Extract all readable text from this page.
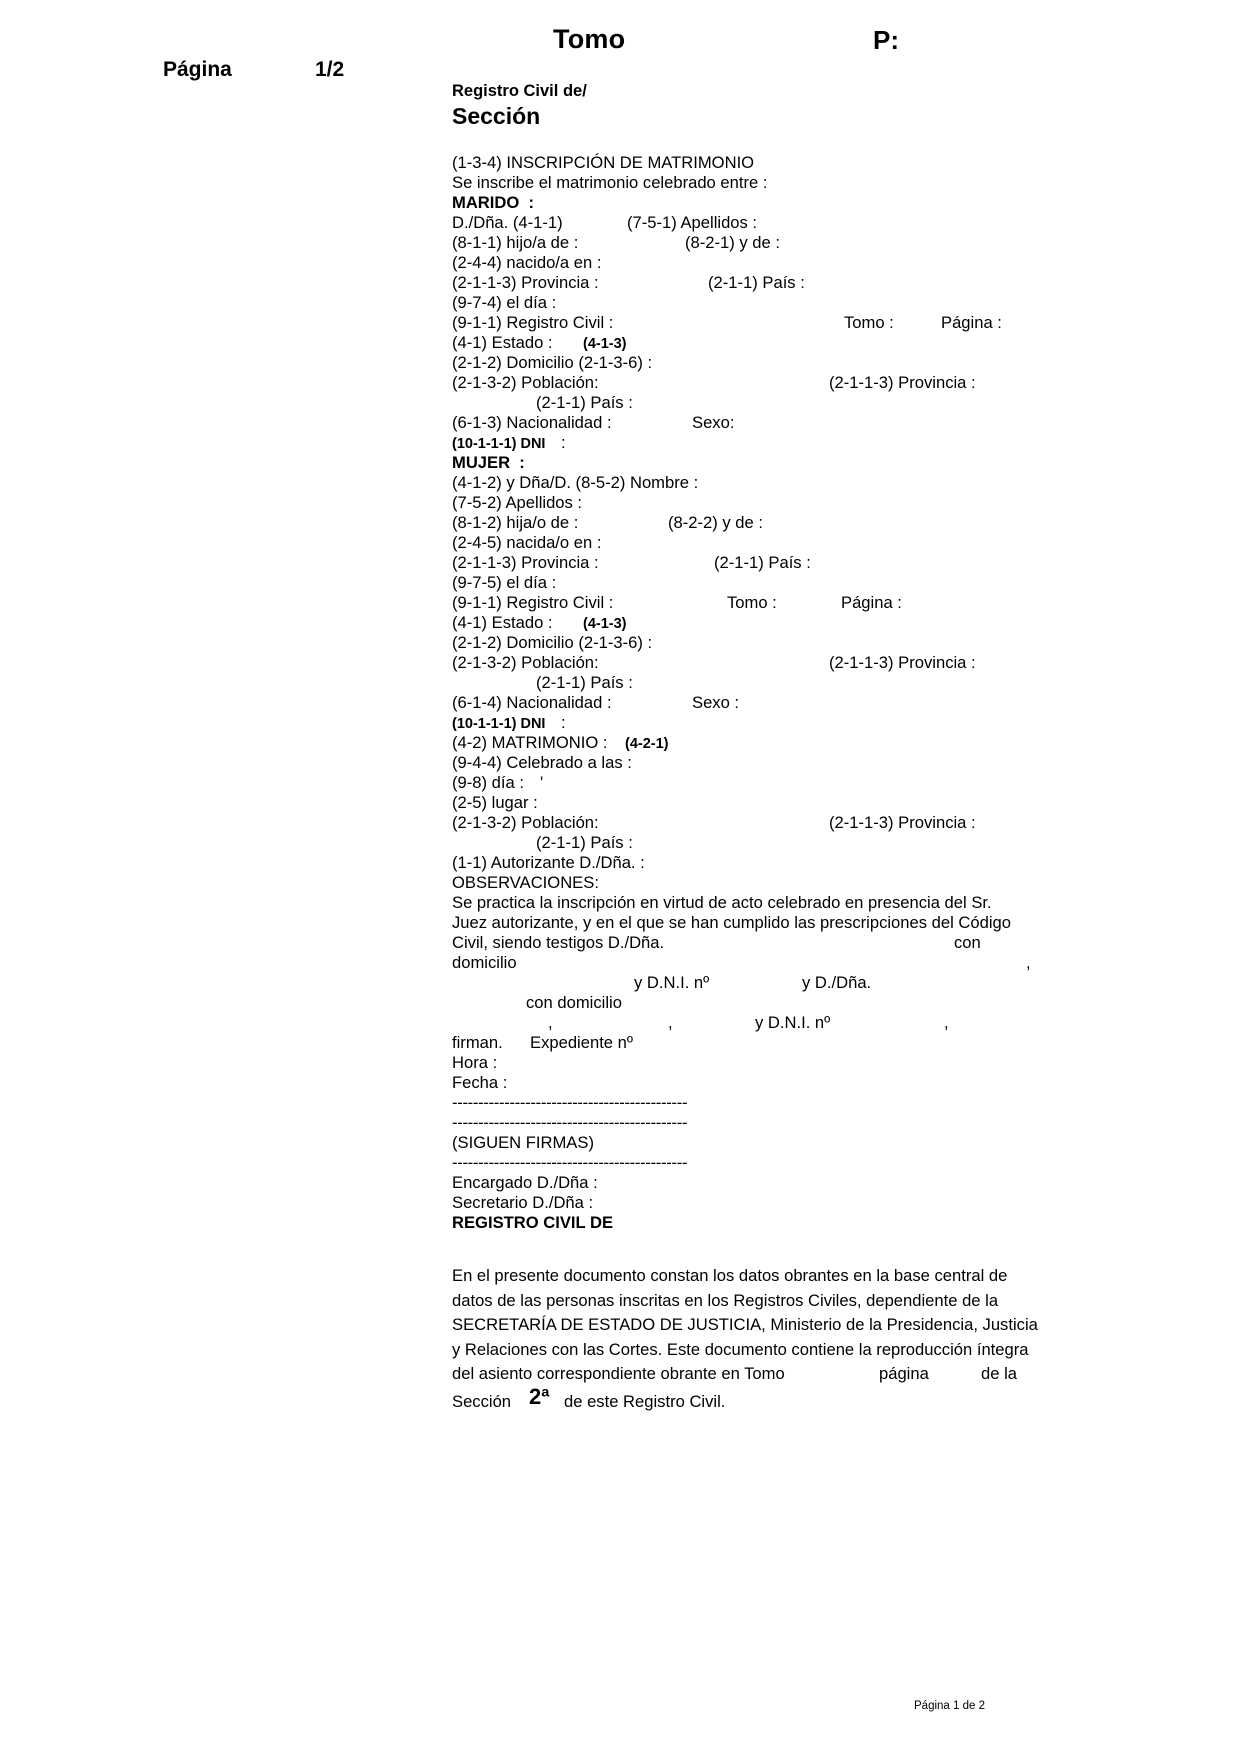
Tomo	P:
Página	1/2
Registro Civil de/
Sección
(1-3-4) INSCRIPCIÓN DE MATRIMONIO
Se inscribe el matrimonio celebrado entre :
MARIDO  :

D./Dña. (4-1-1)

	(7-5-1) Apellidos :

(8-1-1) hijo/a de :

	(8-2-1) y de :

(2-4-4) nacido/a en :

(2-1-1-3) Provincia :

	(2-1-1) País :

(9-7-4) el día :

(9-1-1) Registro Civil :

	Tomo :

	Página :

(4-1) Estado :

(4-1-3)

(2-1-2) Domicilio (2-1-3-6) :

(2-1-3-2) Población:

	(2-1-1-3) Provincia :

(2-1-1) País :

(6-1-3) Nacionalidad :

	Sexo:

(10-1-1-1) DNI

:

MUJER  :
(4-1-2) y Dña/D. (8-5-2) Nombre :
(7-5-2) Apellidos :

(8-1-2) hija/o de :

	(8-2-2) y de :

(2-4-5) nacida/o en :

(2-1-1-3) Provincia :

	(2-1-1) País :

(9-7-5) el día :

(9-1-1) Registro Civil :

	Tomo :

	Página :

(4-1) Estado :

(4-1-3)

(2-1-2) Domicilio (2-1-3-6) :

(2-1-3-2) Población:

	(2-1-1-3) Provincia :

(2-1-1) País :

(6-1-4) Nacionalidad :

	Sexo :

(10-1-1-1) DNI

:

(4-2) MATRIMONIO :

(4-2-1)

(9-4-4) Celebrado a las :

(9-8) día :

'

(2-5) lugar :

(2-1-3-2) Población:

	(2-1-1-3) Provincia :

(2-1-1) País :
(1-1) Autorizante D./Dña. :
OBSERVACIONES:
Se practica la inscripción en virtud de acto celebrado en presencia del Sr.
Juez autorizante, y en el que se han cumplido las prescripciones del Código

Civil, siendo testigos D./Dña.

	con

domicilio

	,

y D.N.I. nº

	y D./Dña.

con domicilio

,

	,

	y D.N.I. nº

	,

firman.

Expediente nº

Hora :
Fecha :
---------------------------------------------
---------------------------------------------
(SIGUEN FIRMAS)
---------------------------------------------
Encargado D./Dña :
Secretario D./Dña :
REGISTRO CIVIL DE
En el presente documento constan los datos obrantes en la base central de
datos de las personas inscritas en los Registros Civiles, dependiente de la
SECRETARÍA DE ESTADO DE JUSTICIA, Ministerio de la Presidencia, Justicia
y Relaciones con las Cortes. Este documento contiene la reproducción íntegra

del asiento correspondiente obrante en Tomo

	página

	de la

Sección

2ª

de este Registro Civil.

Página 1 de 2
